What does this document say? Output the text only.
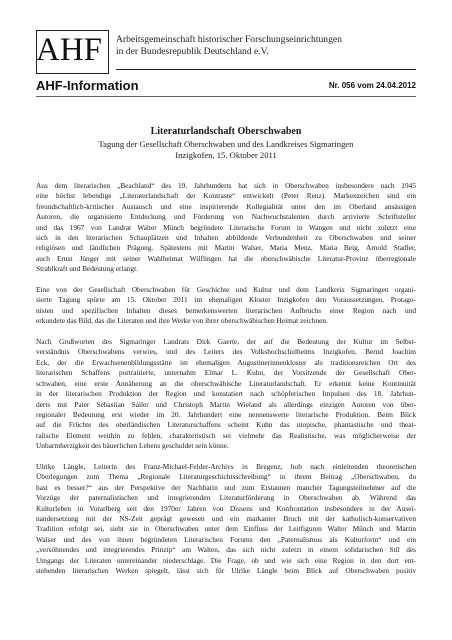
AHF Arbeitsgemeinschaft historischer Forschungseinrichtungen
in der Bundesrepublik Deutschland e.V.
AHF-Information	Nr. 056 vom 24.04.2012
Literaturlandschaft Oberschwaben
Tagung der Gesellschaft Oberschwaben und des Landkreises Sigmaringen
Inzigkofen, 15. Oktober 2011
Aus dem literarischen „Beachland“ des 19. Jahrhunderts hat sich in Oberschwaben insbesondere nach 1945
eine höchst lebendige „Literaturlandschaft der Kontraste“ entwickelt (Peter Renz). Markenzeichen sind ein
freundschaftlich-kritischer Austausch und eine inspirierende Kollegialität unter den im Oberland ansässigen
Autoren, die organisierte Entdeckung und Förderung von Nachwuchstalenten durch arrivierte Schriftsteller
und das 1967 von Landrat Walter Münch begründete Literarische Forum in Wangen und nicht zuletzt eine
sich in den literarischen Schauplätzen und Inhalten abbildende Verbundenheit zu Oberschwaben und seiner
religiösen und ländlichen Prägung. Spätestens mit Martin Walser, Maria Menz, Maria Beig, Arnold Stadler,
auch Ernst Jünger mit seiner Wahlheimat Wilflingen hat die oberschwäbische Literatur-Provinz überregionale
Strahlkraft und Bedeutung erlangt.
Eine von der Gesellschaft Oberschwaben für Geschichte und Kultur und dem Landkreis Sigmaringen organi-
sierte Tagung spürte am 15. Oktober 2011 im ehemaligen Kloster Inzigkofen den Voraussetzungen, Protago-
nisten und spezifischen Inhalten dieses bemerkenswerten literarischen Aufbruchs einer Region nach und
erkundete das Bild, das die Literaten und ihre Werke von ihrer oberschwäbischen Heimat zeichnen.
Nach Grußworten des Sigmaringer Landrats Dirk Gaerte, der auf die Bedeutung der Kultur im Selbst-
verständnis Oberschwabens verwies, und des Leiters des Volkshochschulheims Inzigkofen, Bernd Joachim
Eck, der die Erwachsenenbildungsstätte im ehemaligen Augustinerinnenkloster als traditionsreichen Ort des
literarischen Schaffens portraitierte, unternahm Elmar L. Kuhn, der Vorsitzende der Gesellschaft Ober-
schwaben, eine erste Annäherung an die oberschwäbische Literaturlandschaft. Er erkennt keine Kontinuität
in der literarischen Produktion der Region und konstatiert nach schöpferischen Impulsen des 18. Jahrhun-
derts mit Pater Sebastian Sailer und Christoph Martin Wieland als allerdings einzigen Autoren von über-
regionaler Bedeutung erst wieder im 20. Jahrhundert eine nennenswerte literarische Produktion. Beim Blick
auf die Früchte des oberländischen Literaturschaffens scheint Kuhn das utopische, phantastische und theat-
ralische Element weithin zu fehlen, charakteristisch sei vielmehr das Realistische, was möglicherweise der
Unbarmherzigkeit des bäuerlichen Lebens geschuldet sein könne.
Ulrike Längle, Leiterin des Franz-Michael-Felder-Archivs in Bregenz, hob nach einleitenden theoretischen
Überlegungen zum Thema „Regionale Literaturgeschichtsschreibung“ in ihrem Beitrag „Oberschwaben, du
hast es besser?“ aus der Perspektive der Nachbarin und zum Erstaunen mancher Tagungsteilnehmer auf die
Vorzüge der paternalistischen und integrierenden Literaturförderung in Oberschwaben ab. Während das
Kulturleben in Vorarlberg seit den 1970er Jahren von Dissens und Konfrontation insbesondere in der Ausei-
nandersetzung mit der NS-Zeit geprägt gewesen und ein markanter Bruch mit der katholisch-konservativen
Tradition erfolgt sei, sieht sie in Oberschwaben unter dem Einfluss der Leitfiguren Walter Münch und Martin
Walser und des von ihnen begründeten Literarischen Forums den „Paternalismus als Kulturform“ und ein
„versöhnendes und integrierendes Prinzip“ am Walten, das sich nicht zuletzt in einem solidarischen Stil des
Umgangs der Literaten untereinander niederschlage. Die Frage, ob und wie sich eine Region in den dort ent-
stehenden literarischen Werken spiegelt, lässt sich für Ulrike Längle beim Blick auf Oberschwaben positiv
